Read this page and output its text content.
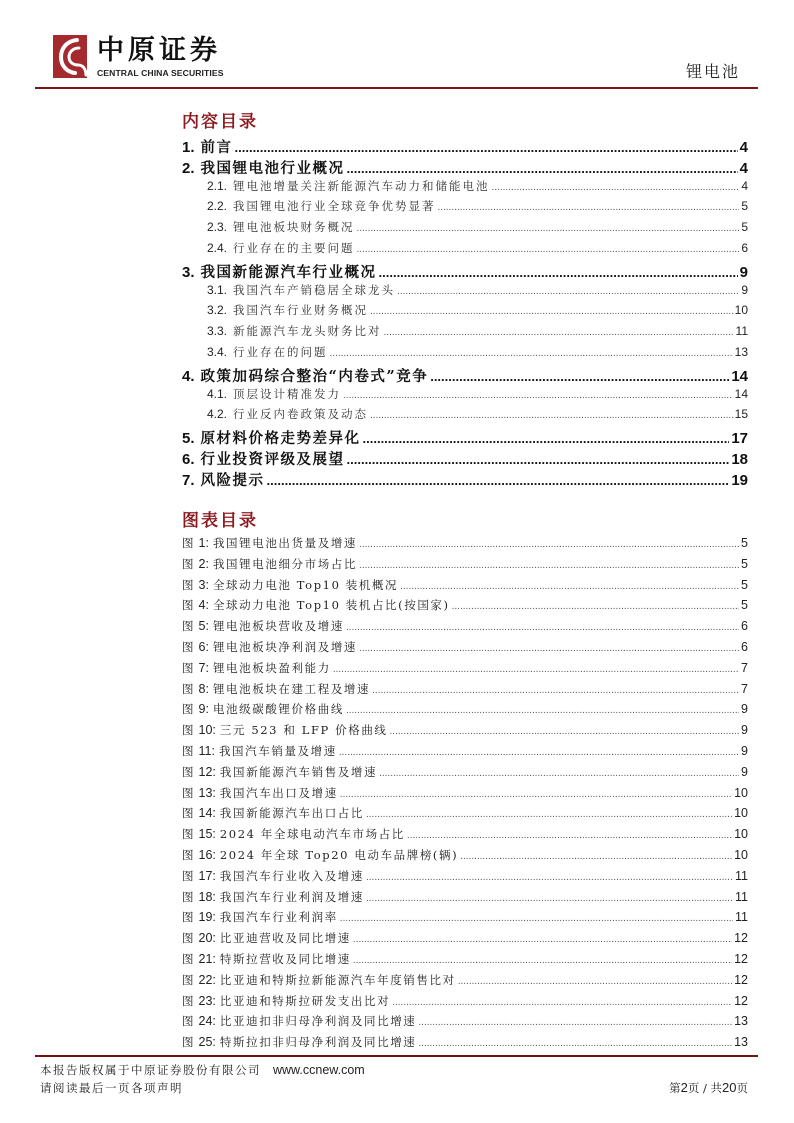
中原证券
CENTRAL CHINA SECURITIES	锂电池
内容目录
1. 前言 .....	4
2. 我国锂电池行业概况 .....	4
2.1. 锂电池增量关注新能源汽车动力和储能电池 .....	4
2.2. 我国锂电池行业全球竞争优势显著 .....	5
2.3. 锂电池板块财务概况 .....	5
2.4. 行业存在的主要问题 .....	6
3. 我国新能源汽车行业概况 .....	9
3.1. 我国汽车产销稳居全球龙头 .....	9
3.2. 我国汽车行业财务概况 .....	10
3.3. 新能源汽车龙头财务比对 .....	11
3.4. 行业存在的问题 .....	13
4. 政策加码综合整治“内卷式”竞争 .....	14
4.1. 顶层设计精准发力 .....	14
4.2. 行业反内卷政策及动态 .....	15
5. 原材料价格走势差异化 .....	17
6. 行业投资评级及展望 .....	18
7. 风险提示 .....	19
图表目录
图 1: 我国锂电池出货量及增速 .....	5
图 2: 我国锂电池细分市场占比 .....	5
图 3: 全球动力电池 Top10 装机概况 .....	5
图 4: 全球动力电池 Top10 装机占比(按国家) .....	5
图 5: 锂电池板块营收及增速 .....	6
图 6: 锂电池板块净利润及增速 .....	6
图 7: 锂电池板块盈利能力 .....	7
图 8: 锂电池板块在建工程及增速 .....	7
图 9: 电池级碳酸锂价格曲线 .....	9
图 10: 三元 523 和 LFP 价格曲线 .....	9
图 11: 我国汽车销量及增速 .....	9
图 12: 我国新能源汽车销售及增速 .....	9
图 13: 我国汽车出口及增速 .....	10
图 14: 我国新能源汽车出口占比 .....	10
图 15: 2024 年全球电动汽车市场占比 .....	10
图 16: 2024 年全球 Top20 电动车品牌榜(辆) .....	10
图 17: 我国汽车行业收入及增速 .....	11
图 18: 我国汽车行业利润及增速 .....	11
图 19: 我国汽车行业利润率 .....	11
图 20: 比亚迪营收及同比增速 .....	12
图 21: 特斯拉营收及同比增速 .....	12
图 22: 比亚迪和特斯拉新能源汽车年度销售比对 .....	12
图 23: 比亚迪和特斯拉研发支出比对 .....	12
图 24: 比亚迪扣非归母净利润及同比增速 .....	13
图 25: 特斯拉扣非归母净利润及同比增速 .....	13
本报告版权属于中原证券股份有限公司 www.ccnew.com
请阅读最后一页各项声明	第2页 / 共20页
